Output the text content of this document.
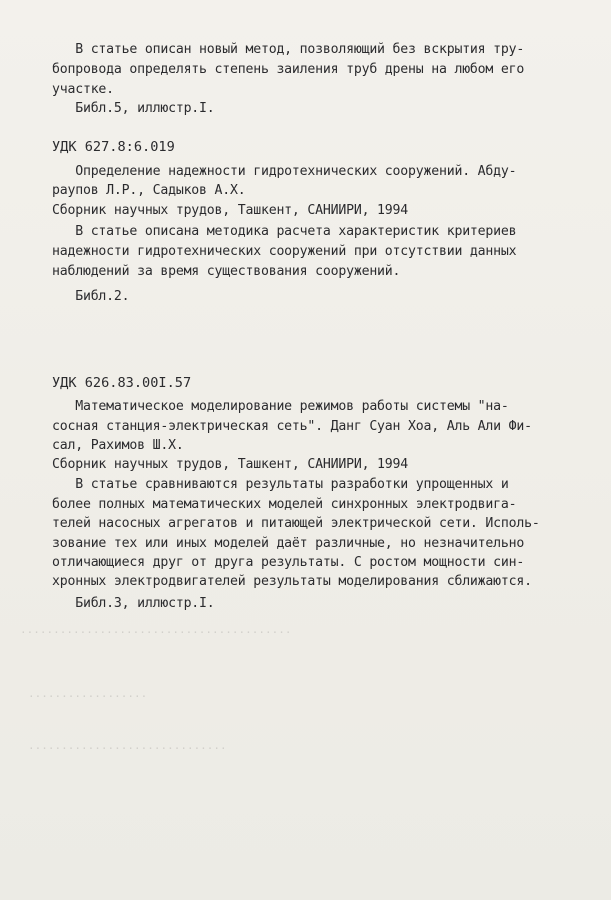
.........................................
..................
..............................
В статье описан новый метод, позволяющий без вскрытия тру-
бопровода определять степень заиления труб дрены на любом его
участке.
Библ.5, иллюстр.I.
УДК 627.8:6.019
Определение надежности гидротехнических сооружений. Абду-
раупов Л.Р., Садыков А.Х.
Сборник научных трудов, Ташкент, САНИИРИ, 1994
В статье описана методика расчета характеристик критериев
надежности гидротехнических сооружений при отсутствии данных
наблюдений за время существования сооружений.
Библ.2.
УДК 626.83.00I.57
Математическое моделирование режимов работы системы "на-
сосная станция-электрическая сеть". Данг Суан Хоа, Аль Али Фи-
сал, Рахимов Ш.Х.
Сборник научных трудов, Ташкент, САНИИРИ, 1994
В статье сравниваются результаты разработки упрощенных и
более полных математических моделей синхронных электродвига-
телей насосных агрегатов и питающей электрической сети. Исполь-
зование тех или иных моделей даёт различные, но незначительно
отличающиеся друг от друга результаты. С ростом мощности син-
хронных электродвигателей результаты моделирования сближаются.
Библ.3, иллюстр.I.
